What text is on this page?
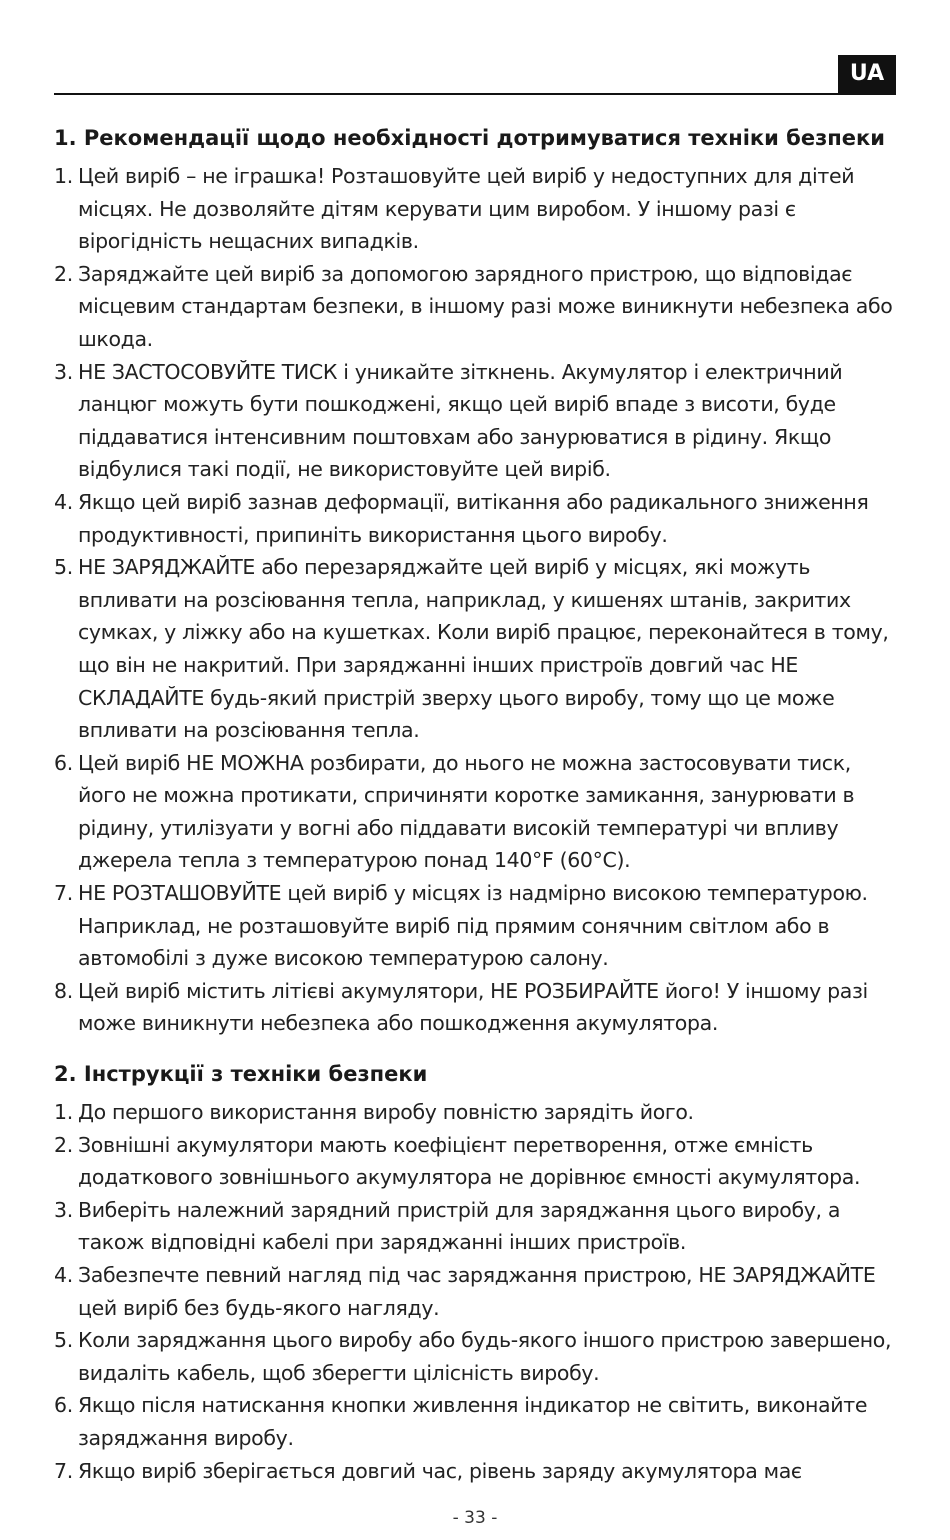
UA
1. Рекомендації щодо необхідності дотримуватися техніки безпеки
1. Цей виріб – не іграшка! Розташовуйте цей виріб у недоступних для дітей місцях. Не дозволяйте дітям керувати цим виробом. У іншому разі є вірогідність нещасних випадків.
2. Заряджайте цей виріб за допомогою зарядного пристрою, що відповідає місцевим стандартам безпеки, в іншому разі може виникнути небезпека або шкода.
3. НЕ ЗАСТОСОВУЙТЕ ТИСК і уникайте зіткнень. Акумулятор і електричний ланцюг можуть бути пошкоджені, якщо цей виріб впаде з висоти, буде піддаватися інтенсивним поштовхам або занурюватися в рідину. Якщо відбулися такі події, не використовуйте цей виріб.
4. Якщо цей виріб зазнав деформації, витікання або радикального зниження продуктивності, припиніть використання цього виробу.
5. НЕ ЗАРЯДЖАЙТЕ або перезаряджайте цей виріб у місцях, які можуть впливати на розсіювання тепла, наприклад, у кишенях штанів, закритих сумках, у ліжку або на кушетках. Коли виріб працює, переконайтеся в тому, що він не накритий. При заряджанні інших пристроїв довгий час НЕ СКЛАДАЙТЕ будь-який пристрій зверху цього виробу, тому що це може впливати на розсіювання тепла.
6. Цей виріб НЕ МОЖНА розбирати, до нього не можна застосовувати тиск, його не можна протикати, спричиняти коротке замикання, занурювати в рідину, утилізуати у вогні або піддавати високій температурі чи впливу джерела тепла з температурою понад 140°F (60°C).
7. НЕ РОЗТАШОВУЙТЕ цей виріб у місцях із надмірно високою температурою. Наприклад, не розташовуйте виріб під прямим сонячним світлом або в автомобілі з дуже високою температурою салону.
8. Цей виріб містить літієві акумулятори, НЕ РОЗБИРАЙТЕ його! У іншому разі може виникнути небезпека або пошкодження акумулятора.
2. Інструкції з техніки безпеки
1. До першого використання виробу повністю зарядіть його.
2. Зовнішні акумулятори мають коефіцієнт перетворення, отже ємність додаткового зовнішнього акумулятора не дорівнює ємності акумулятора.
3. Виберіть належний зарядний пристрій для заряджання цього виробу, а також відповідні кабелі при заряджанні інших пристроїв.
4. Забезпечте певний нагляд під час заряджання пристрою, НЕ ЗАРЯДЖАЙТЕ цей виріб без будь-якого нагляду.
5. Коли заряджання цього виробу або будь-якого іншого пристрою завершено, видаліть кабель, щоб зберегти цілісність виробу.
6. Якщо після натискання кнопки живлення індикатор не світить, виконайте заряджання виробу.
7. Якщо виріб зберігається довгий час, рівень заряду акумулятора має
- 33 -
